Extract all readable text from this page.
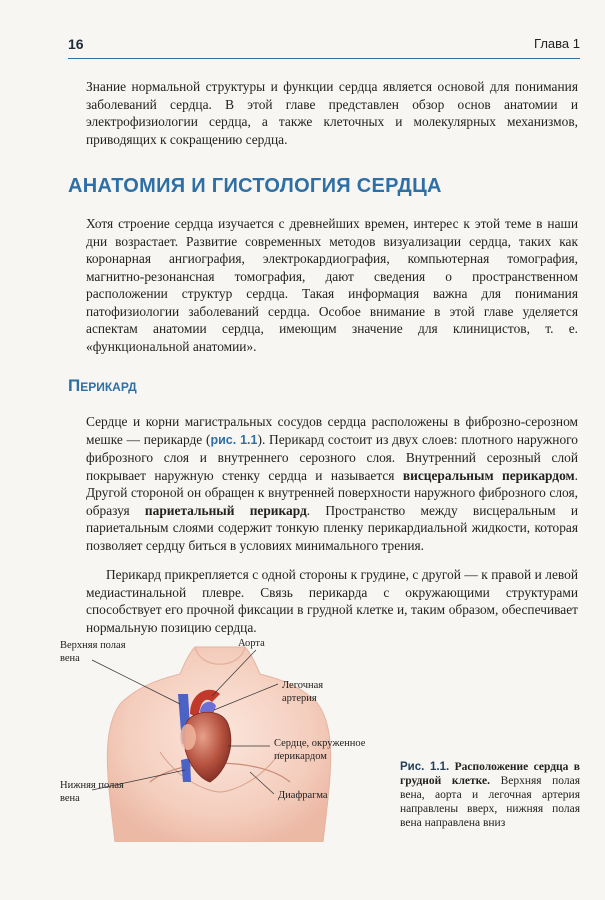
16	Глава 1

Знание нормальной структуры и функции сердца является основой для понимания заболеваний сердца. В этой главе представлен обзор основ анатомии и электрофизиологии сердца, а также клеточных и молекулярных механизмов, приводящих к сокращению сердца.

АНАТОМИЯ И ГИСТОЛОГИЯ СЕРДЦА

Хотя строение сердца изучается с древнейших времен, интерес к этой теме в наши дни возрастает. Развитие современных методов визуализации сердца, таких как коронарная ангиография, электрокардиография, компьютерная томография, магнитно-резонансная томография, дают сведения о пространственном расположении структур сердца. Такая информация важна для понимания патофизиологии заболеваний сердца. Особое внимание в этой главе уделяется аспектам анатомии сердца, имеющим значение для клиницистов, т. е. «функциональной анатомии».

Перикард

Сердце и корни магистральных сосудов сердца расположены в фиброзно-серозном мешке — перикарде (рис. 1.1). Перикард состоит из двух слоев: плотного наружного фиброзного слоя и внутреннего серозного слоя. Внутренний серозный слой покрывает наружную стенку сердца и называется висцеральным перикардом. Другой стороной он обращен к внутренней поверхности наружного фиброзного слоя, образуя париетальный перикард. Пространство между висцеральным и париетальным слоями содержит тонкую пленку перикардиальной жидкости, которая позволяет сердцу биться в условиях минимального трения.

Перикард прикрепляется с одной стороны к грудине, с другой — к правой и левой медиастинальной плевре. Связь перикарда с окружающими структурами способствует его прочной фиксации в грудной клетке и, таким образом, обеспечивает нормальную позицию сердца.

Верхняя полая вена
Аорта
Легочная артерия
Сердце, окруженное перикардом
Нижняя полая вена	Диафрагма
Рис. 1.1. Расположение сердца в грудной клетке. Верхняя полая вена, аорта и легочная артерия направлены вверх, нижняя полая вена направлена вниз
